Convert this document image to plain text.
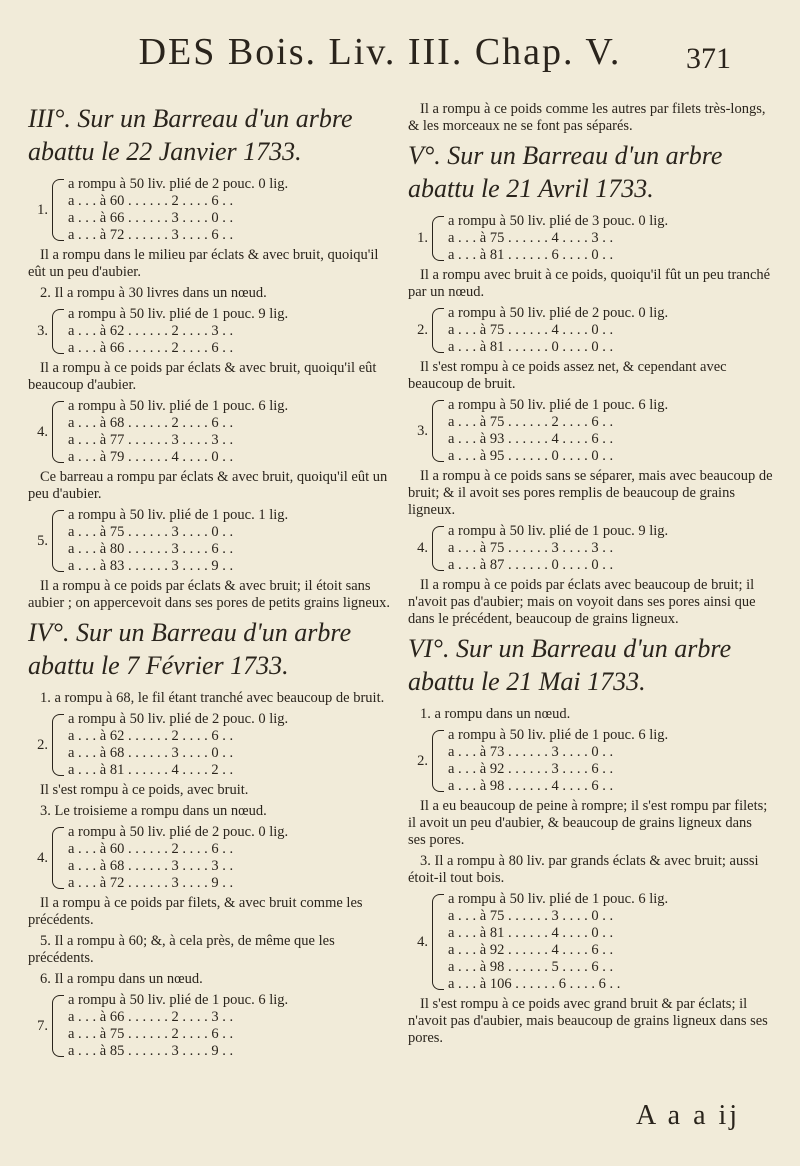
DES Bois. Liv. III. Chap. V.	371
III°. Sur un Barreau d'un arbre abattu le 22 Janvier 1733.
1.
a rompu à 50 liv. plié de 2 pouc. 0 lig.
a . . . à 60 . . . . . . 2 . . . . 6 . .
a . . . à 66 . . . . . . 3 . . . . 0 . .
a . . . à 72 . . . . . . 3 . . . . 6 . .

Il a rompu dans le milieu par éclats & avec bruit, quoiqu'il eût un peu d'aubier.

2. Il a rompu à 30 livres dans un nœud.

3.
a rompu à 50 liv. plié de 1 pouc. 9 lig.
a . . . à 62 . . . . . . 2 . . . . 3 . .
a . . . à 66 . . . . . . 2 . . . . 6 . .

Il a rompu à ce poids par éclats & avec bruit, quoiqu'il eût beaucoup d'aubier.

4.
a rompu à 50 liv. plié de 1 pouc. 6 lig.
a . . . à 68 . . . . . . 2 . . . . 6 . .
a . . . à 77 . . . . . . 3 . . . . 3 . .
a . . . à 79 . . . . . . 4 . . . . 0 . .

Ce barreau a rompu par éclats & avec bruit, quoiqu'il eût un peu d'aubier.

5.
a rompu à 50 liv. plié de 1 pouc. 1 lig.
a . . . à 75 . . . . . . 3 . . . . 0 . .
a . . . à 80 . . . . . . 3 . . . . 6 . .
a . . . à 83 . . . . . . 3 . . . . 9 . .

Il a rompu à ce poids par éclats & avec bruit; il étoit sans aubier ; on appercevoit dans ses pores de petits grains ligneux.

IV°. Sur un Barreau d'un arbre abattu le 7 Février 1733.

1. a rompu à 68, le fil étant tranché avec beaucoup de bruit.

2.
a rompu à 50 liv. plié de 2 pouc. 0 lig.
a . . . à 62 . . . . . . 2 . . . . 6 . .
a . . . à 68 . . . . . . 3 . . . . 0 . .
a . . . à 81 . . . . . . 4 . . . . 2 . .

Il s'est rompu à ce poids, avec bruit.

3. Le troisieme a rompu dans un nœud.

4.
a rompu à 50 liv. plié de 2 pouc. 0 lig.
a . . . à 60 . . . . . . 2 . . . . 6 . .
a . . . à 68 . . . . . . 3 . . . . 3 . .
a . . . à 72 . . . . . . 3 . . . . 9 . .

Il a rompu à ce poids par filets, & avec bruit comme les précédents.

5. Il a rompu à 60; &, à cela près, de même que les précédents.

6. Il a rompu dans un nœud.

7.
a rompu à 50 liv. plié de 1 pouc. 6 lig.
a . . . à 66 . . . . . . 2 . . . . 3 . .
a . . . à 75 . . . . . . 2 . . . . 6 . .
a . . . à 85 . . . . . . 3 . . . . 9 . .

Il a rompu à ce poids comme les autres par filets très-longs, & les morceaux ne se font pas séparés.

V°. Sur un Barreau d'un arbre abattu le 21 Avril 1733.
1.
a rompu à 50 liv. plié de 3 pouc. 0 lig.
a . . . à 75 . . . . . . 4 . . . . 3 . .
a . . . à 81 . . . . . . 6 . . . . 0 . .

Il a rompu avec bruit à ce poids, quoiqu'il fût un peu tranché par un nœud.

2.
a rompu à 50 liv. plié de 2 pouc. 0 lig.
a . . . à 75 . . . . . . 4 . . . . 0 . .
a . . . à 81 . . . . . . 0 . . . . 0 . .

Il s'est rompu à ce poids assez net, & cependant avec beaucoup de bruit.

3.
a rompu à 50 liv. plié de 1 pouc. 6 lig.
a . . . à 75 . . . . . . 2 . . . . 6 . .
a . . . à 93 . . . . . . 4 . . . . 6 . .
a . . . à 95 . . . . . . 0 . . . . 0 . .

Il a rompu à ce poids sans se séparer, mais avec beaucoup de bruit; & il avoit ses pores remplis de beaucoup de grains ligneux.

4.
a rompu à 50 liv. plié de 1 pouc. 9 lig.
a . . . à 75 . . . . . . 3 . . . . 3 . .
a . . . à 87 . . . . . . 0 . . . . 0 . .

Il a rompu à ce poids par éclats avec beaucoup de bruit; il n'avoit pas d'aubier; mais on voyoit dans ses pores ainsi que dans le précédent, beaucoup de grains ligneux.

VI°. Sur un Barreau d'un arbre abattu le 21 Mai 1733.

1. a rompu dans un nœud.

2.
a rompu à 50 liv. plié de 1 pouc. 6 lig.
a . . . à 73 . . . . . . 3 . . . . 0 . .
a . . . à 92 . . . . . . 3 . . . . 6 . .
a . . . à 98 . . . . . . 4 . . . . 6 . .

Il a eu beaucoup de peine à rompre; il s'est rompu par filets; il avoit un peu d'aubier, & beaucoup de grains ligneux dans ses pores.

3. Il a rompu à 80 liv. par grands éclats & avec bruit; aussi étoit-il tout bois.

4.
a rompu à 50 liv. plié de 1 pouc. 6 lig.
a . . . à 75 . . . . . . 3 . . . . 0 . .
a . . . à 81 . . . . . . 4 . . . . 0 . .
a . . . à 92 . . . . . . 4 . . . . 6 . .
a . . . à 98 . . . . . . 5 . . . . 6 . .
a . . . à 106 . . . . . . 6 . . . . 6 . .

Il s'est rompu à ce poids avec grand bruit & par éclats; il n'avoit pas d'aubier, mais beaucoup de grains ligneux dans ses pores.

A a a ij
